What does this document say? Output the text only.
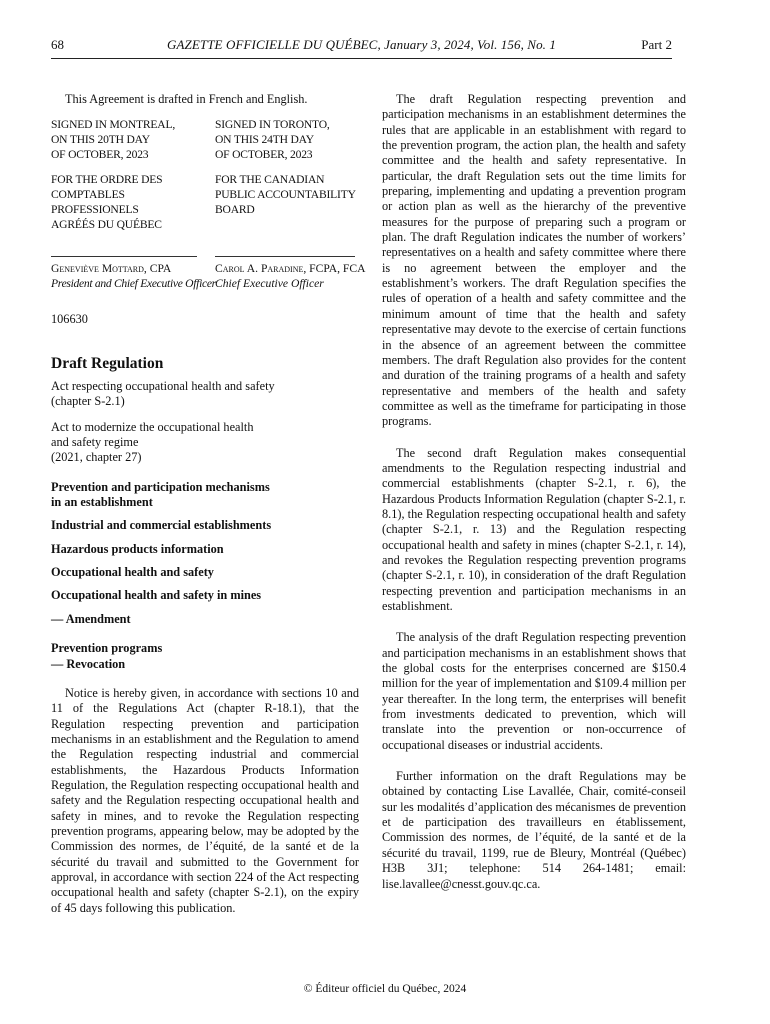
68	GAZETTE OFFICIELLE DU QUÉBEC, January 3, 2024, Vol. 156, No. 1	Part 2

This Agreement is drafted in French and English.

SIGNED IN MONTREAL,
ON THIS 20TH DAY
OF OCTOBER, 2023
SIGNED IN TORONTO,
ON THIS 24TH DAY
OF OCTOBER, 2023
FOR THE ORDRE DES
COMPTABLES PROFESSIONELS
AGRÉÉS DU QUÉBEC
FOR THE CANADIAN
PUBLIC ACCOUNTABILITY
BOARD
Geneviève Mottard, CPA
President and Chief Executive Officer
Carol A. Paradine, FCPA, FCA
Chief Executive Officer

106630

Draft Regulation

Act respecting occupational health and safety
(chapter S-2.1)

Act to modernize the occupational health
and safety regime
(2021, chapter 27)

Prevention and participation mechanisms
in an establishment

Industrial and commercial establishments

Hazardous products information

Occupational health and safety

Occupational health and safety in mines

— Amendment

Prevention programs
— Revocation

Notice is hereby given, in accordance with sections 10 and 11 of the Regulations Act (chapter R-18.1), that the Regulation respecting prevention and participation mechanisms in an establishment and the Regulation to amend the Regulation respecting industrial and commercial establishments, the Hazardous Products Information Regulation, the Regulation respecting occupational health and safety and the Regulation respecting occupational health and safety in mines, and to revoke the Regulation respecting prevention programs, appearing below, may be adopted by the Commission des normes, de l’équité, de la santé et de la sécurité du travail and submitted to the Government for approval, in accordance with section 224 of the Act respecting occupational health and safety (chapter S-2.1), on the expiry of 45 days following this publication.

The draft Regulation respecting prevention and participation mechanisms in an establishment determines the rules that are applicable in an establishment with regard to the prevention program, the action plan, the health and safety committee and the health and safety representative. In particular, the draft Regulation sets out the time limits for preparing, implementing and updating a prevention program or action plan as well as the hierarchy of the preventive measures for the purpose of preparing such a program or plan. The draft Regulation indicates the number of workers’ representatives on a health and safety committee where there is no agreement between the employer and the establishment’s workers. The draft Regulation specifies the rules of operation of a health and safety committee and the minimum amount of time that the health and safety representative may devote to the exercise of certain functions in the absence of an agreement between the committee members. The draft Regulation also provides for the content and duration of the training programs of a health and safety representative and members of the health and safety committee as well as the timeframe for participating in those programs.

The second draft Regulation makes consequential amendments to the Regulation respecting industrial and commercial establishments (chapter S-2.1, r. 6), the Hazardous Products Information Regulation (chapter S-2.1, r. 8.1), the Regulation respecting occupational health and safety (chapter S-2.1, r. 13) and the Regulation respecting occupational health and safety in mines (chapter S-2.1, r. 14), and revokes the Regulation respecting prevention programs (chapter S-2.1, r. 10), in consideration of the draft Regulation respecting prevention and participation mechanisms in an establishment.

The analysis of the draft Regulation respecting prevention and participation mechanisms in an establishment shows that the global costs for the enterprises concerned are $150.4 million for the year of implementation and $109.4 million per year thereafter. In the long term, the enterprises will benefit from investments dedicated to prevention, which will translate into the prevention or non-occurrence of occupational diseases or industrial accidents.

Further information on the draft Regulations may be obtained by contacting Lise Lavallée, Chair, comité-conseil sur les modalités d’application des mécanismes de prevention et de participation des travailleurs en établissement, Commission des normes, de l’équité, de la santé et de la sécurité du travail, 1199, rue de Bleury, Montréal (Québec) H3B 3J1; telephone: 514 264-1481; email: lise.lavallee@cnesst.gouv.qc.ca.

© Éditeur officiel du Québec, 2024
